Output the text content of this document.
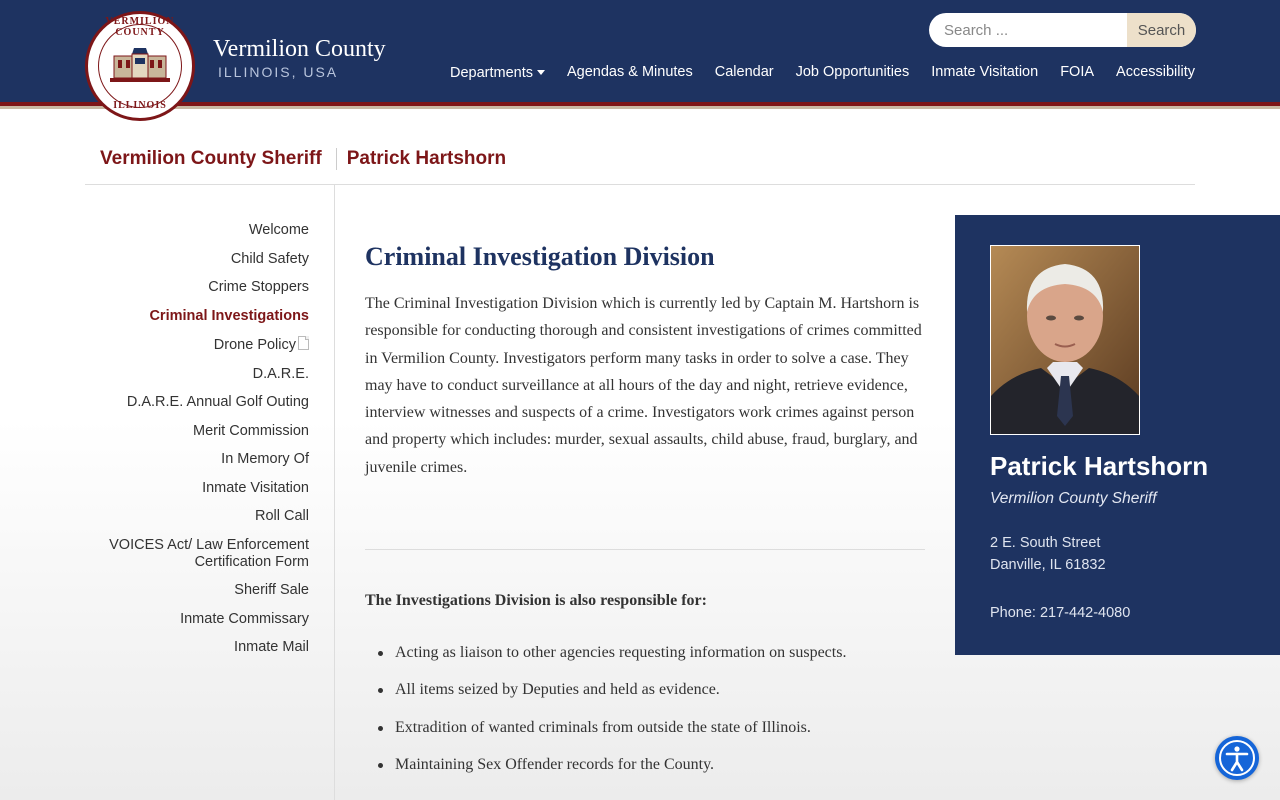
VERMILION COUNTY
ILLINOIS
Vermilion County
ILLINOIS, USA
Search ...
Search
Departments	Agendas & Minutes Calendar Job Opportunities Inmate Visitation FOIA Accessibility
Vermilion County Sheriff Patrick Hartshorn
Welcome
Child Safety
Crime Stoppers
Criminal Investigations
Drone Policy
D.A.R.E.
D.A.R.E. Annual Golf Outing
Merit Commission
In Memory Of
Inmate Visitation
Roll Call
VOICES Act/ Law Enforcement Certification Form
Sheriff Sale
Inmate Commissary
Inmate Mail
Criminal Investigation Division

The Criminal Investigation Division which is currently led by Captain M. Hartshorn is responsible for conducting thorough and consistent investigations of crimes committed in Vermilion County. Investigators perform many tasks in order to solve a case. They may have to conduct surveillance at all hours of the day and night, retrieve evidence, interview witnesses and suspects of a crime. Investigators work crimes against person and property which includes: murder, sexual assaults, child abuse, fraud, burglary, and juvenile crimes.

The Investigations Division is also responsible for:
Acting as liaison to other agencies requesting information on suspects.
All items seized by Deputies and held as evidence.
Extradition of wanted criminals from outside the state of Illinois.
Maintaining Sex Offender records for the County.
Patrick Hartshorn
Vermilion County Sheriff
2 E. South Street
Danville, IL 61832
Phone: 217-442-4080
